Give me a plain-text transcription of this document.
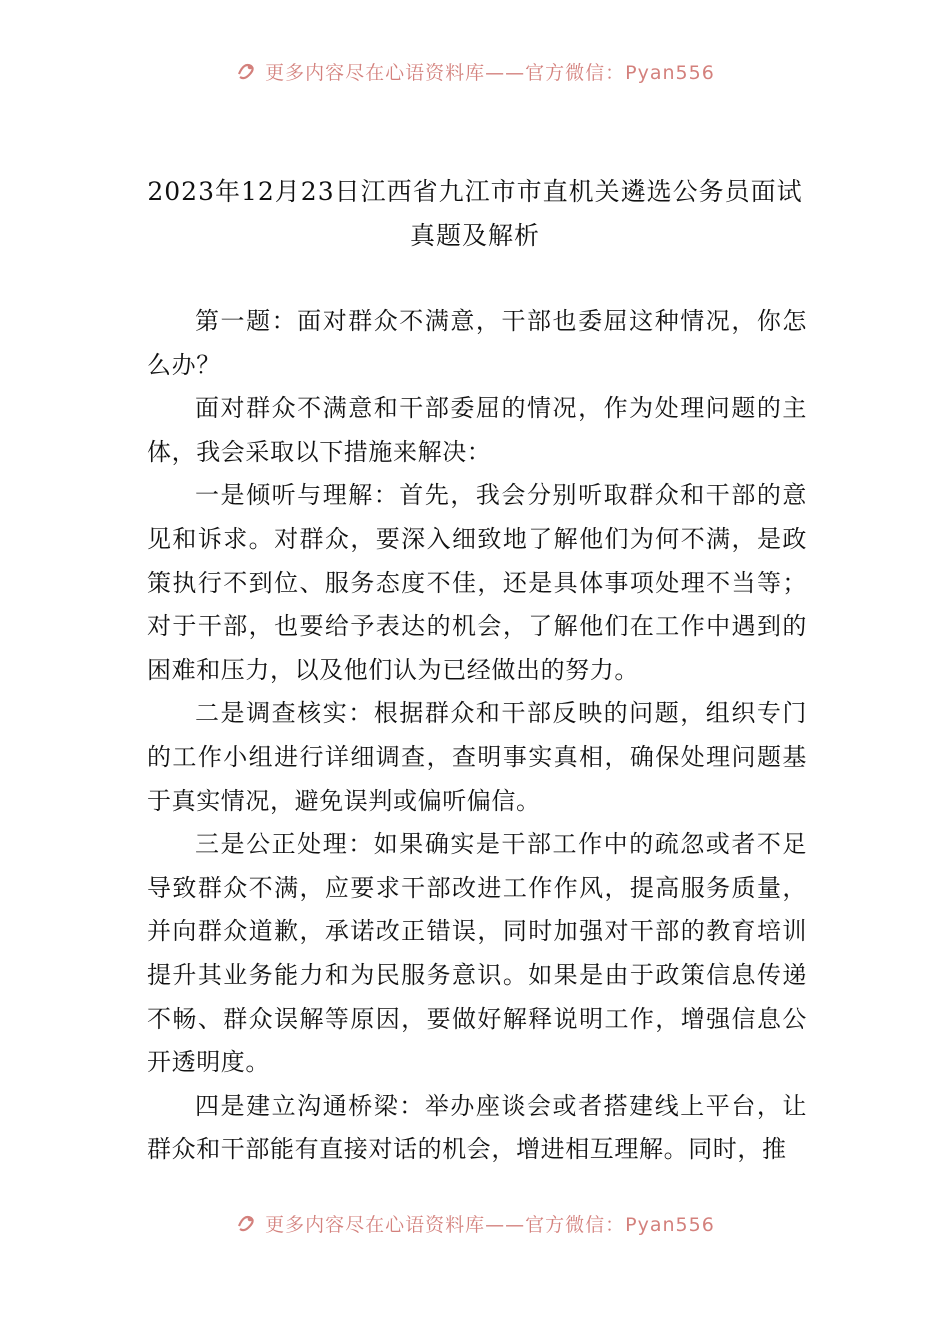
更多内容尽在心语资料库——官方微信：Pyan556
2023年12月23日江西省九江市市直机关遴选公务员面试
真题及解析

第一题：面对群众不满意，干部也委屈这种情况，你怎么办？

面对群众不满意和干部委屈的情况，作为处理问题的主体，我会采取以下措施来解决：

一是倾听与理解：首先，我会分别听取群众和干部的意见和诉求。对群众，要深入细致地了解他们为何不满，是政策执行不到位、服务态度不佳，还是具体事项处理不当等；对于干部，也要给予表达的机会，了解他们在工作中遇到的困难和压力，以及他们认为已经做出的努力。

二是调查核实：根据群众和干部反映的问题，组织专门的工作小组进行详细调查，查明事实真相，确保处理问题基于真实情况，避免误判或偏听偏信。

三是公正处理：如果确实是干部工作中的疏忽或者不足导致群众不满，应要求干部改进工作作风，提高服务质量，并向群众道歉，承诺改正错误，同时加强对干部的教育培训提升其业务能力和为民服务意识。如果是由于政策信息传递不畅、群众误解等原因，要做好解释说明工作，增强信息公开透明度。

四是建立沟通桥梁：举办座谈会或者搭建线上平台，让群众和干部能有直接对话的机会，增进相互理解。同时，推

更多内容尽在心语资料库——官方微信：Pyan556
